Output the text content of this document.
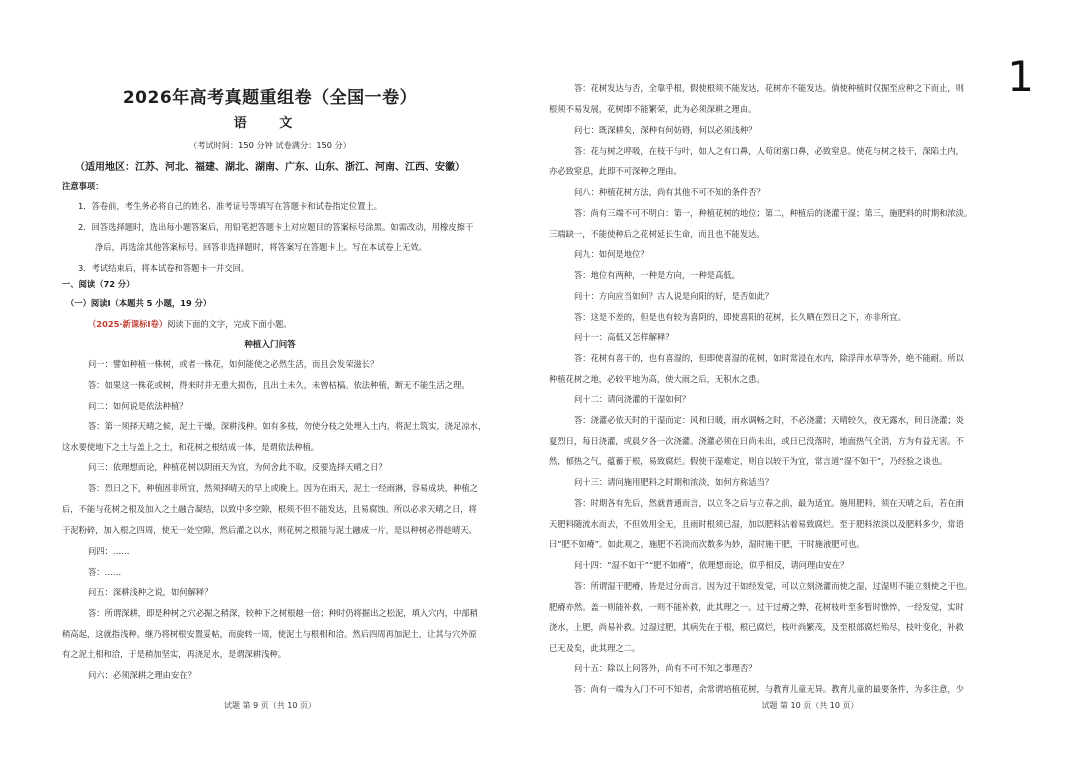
2026年高考真题重组卷（全国一卷）
语 文
（考试时间：150 分钟 试卷满分：150 分）
（适用地区：江苏、河北、福建、湖北、湖南、广东、山东、浙江、河南、江西、安徽）
注意事项：
1．答卷前，考生务必将自己的姓名、准考证号等填写在答题卡和试卷指定位置上。
2．回答选择题时，选出每小题答案后，用铅笔把答题卡上对应题目的答案标号涂黑。如需改动，用橡皮擦干
净后，再选涂其他答案标号。回答非选择题时，将答案写在答题卡上。写在本试卷上无效。
3．考试结束后，将本试卷和答题卡一并交回。
一、阅读（72 分）
（一）阅读Ⅰ（本题共 5 小题，19 分）
（2025·新课标Ⅰ卷）阅读下面的文字，完成下面小题。
种植入门问答
问一：譬如种植一株树，或者一株花，如何能使之必然生活，而且会发荣滋长？
答：如果这一株花或树，得来时并无重大损伤，且出土未久，未曾枯槁。依法种植，断无不能生活之理。
问二：如何说是依法种植？
答：第一须择天晴之候，泥土干燥，深耕浅种。如有多枝，勿使分枝之处埋入土内，将泥土筑实，浇足凉水，
这水要使地下之土与盖上之土，和花树之根结成一体，是谓依法种植。
问三：依理想而论，种植花树以阴雨天为宜，为何舍此不取，反要选择天晴之日？
答：烈日之下，种植固非所宜，然须择晴天的早上或晚上。因为在雨天，泥土一经雨淋，容易成块，种植之
后，不能与花树之根及加入之土融合凝结，以致中多空隙，根须不但不能发达，且易腐蚀。所以必求天晴之日，将
干泥粉碎，加入根之四周，使无一处空隙，然后灌之以水，则花树之根能与泥土融成一片，是以种树必得趁晴天。
问四：……
答：……
问五：深耕浅种之说，如何解释？
答：所谓深耕，即是种树之穴必掘之稍深，较种下之树根越一倍；种时仍将掘出之松泥，填入穴内，中部稍
稍高起，这就指浅种。继乃将树根安置妥帖，而旋转一周，使泥土与根相和洽。然后四周再加泥土，让其与穴外原
有之泥土相和洽，于是稍加坚实，再浇足水，是谓深耕浅种。
问六：必须深耕之理由安在？
试题 第 9 页（共 10 页）
1
答：花树发达与否，全靠乎根，假使根须不能发达，花树亦不能发达。倘使种植时仅掘至应种之下而止，则
根须不易发展，花树即不能繁荣，此为必须深耕之理由。
问七：既深耕矣，深种有何妨碍，何以必须浅种？
答：花与树之呼吸，在枝干与叶，如人之有口鼻，人苟闭塞口鼻，必致窒息。使花与树之枝干，深陷土内，
亦必致窒息，此即不可深种之理由。
问八：种植花树方法，尚有其他不可不知的条件否？
答：尚有三端不可不明白：第一，种植花树的地位；第二，种植后的浇灌干湿；第三，施肥料的时期和浓淡。
三端缺一，不能使种后之花树延长生命，而且也不能发达。
问九：如何是地位？
答：地位有两种，一种是方向，一种是高低。
问十：方向应当如何？古人说是向阳的好，是否如此？
答：这是不差的，但是也有较为喜阴的，即使喜阳的花树，长久晒在烈日之下，亦非所宜。
问十一：高低又怎样解释？
答：花树有喜干的，也有喜湿的，但即使喜湿的花树，如时常浸在水内，除浮萍水草等外，绝不能耐。所以
种植花树之地，必较平地为高，使大雨之后，无积水之患。
问十二：请问浇灌的干湿如何？
答：浇灌必依天时的干湿而定：风和日暖，雨水调畅之时，不必浇灌；天晴较久，夜无露水，间日浇灌；炎
夏烈日，每日浇灌，或晨夕各一次浇灌。浇灌必须在日尚未出，或日已没落时，地面热气全消，方为有益无害。不
然，郁热之气，蕴蓄于根，易致腐烂。假使干湿难定，则自以较干为宜，常言道“湿不如干”，乃经验之谈也。
问十三：请问施用肥料之时期和浓淡，如何方称适当？
答：时期各有先后，然就普通而言，以立冬之后与立春之前，最为适宜。施用肥料，须在天晴之后，若在雨
天肥料随流水而去，不但效用全无，且雨时根须已湿，加以肥料沾着易致腐烂。至于肥料浓淡以及肥料多少，常语
曰“肥不如瘠”。如此观之，施肥不若淡而次数多为妙，湿时施干肥，干时施液肥可也。
问十四：“湿不如干”“肥不如瘠”，依理想而论，似乎相反，请问理由安在？
答：所谓湿干肥瘠，皆是过分而言。因为过干如经发觉，可以立刻浇灌而使之湿，过湿则不能立刻使之干也。
肥瘠亦然。盖一则能补救，一则不能补救，此其理之一。过干过瘠之弊，花树枝叶至多暂时憔悴，一经发觉，实时
浇水，上肥，尚易补救。过湿过肥，其病先在于根，根已腐烂，枝叶尚繁茂，及至根部腐烂殆尽，枝叶变化，补救
已无及矣，此其理之二。
问十五：除以上问答外，尚有不可不知之事理否？
答：尚有一端为入门不可不知者，余常谓培植花树，与教育儿童无异。教育儿童的最要条件，为多注意，少
试题 第 10 页（共 10 页）
